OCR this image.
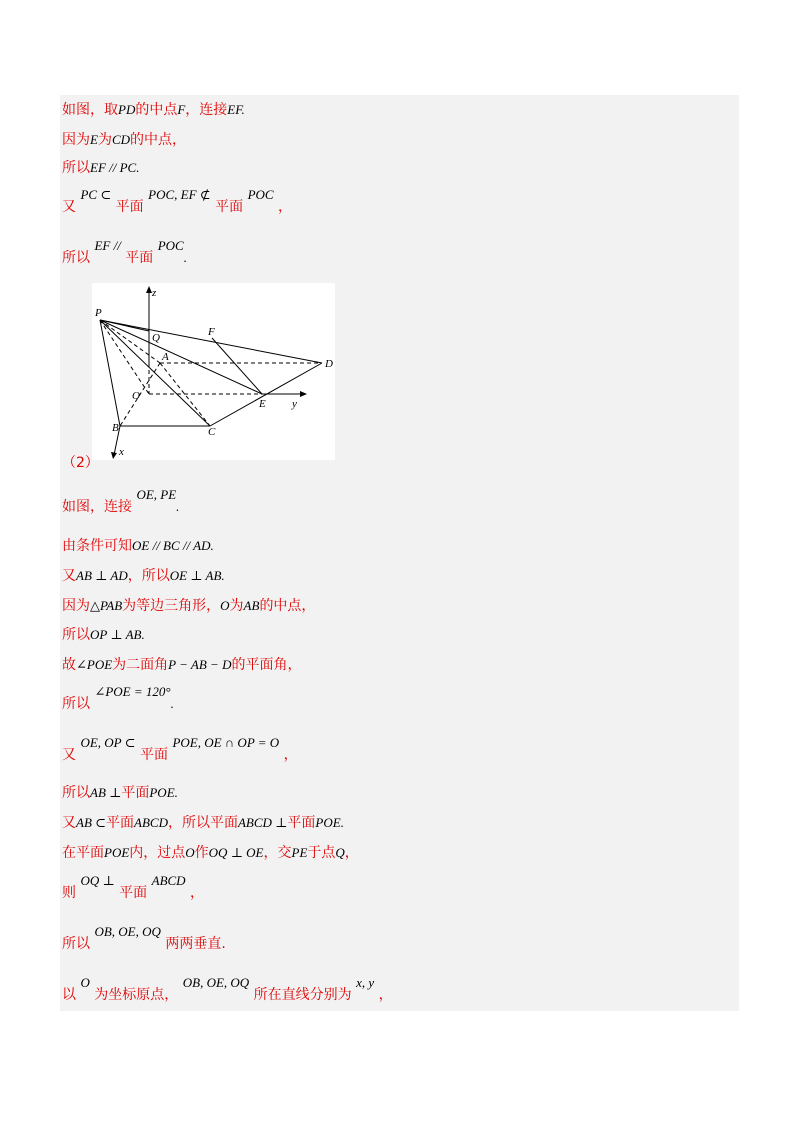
如图，取PD的中点F，连接EF.
因为E为CD的中点，
所以EF // PC.
又 PC ⊂ 平面 POC, EF ⊄ 平面 POC ，
所以 EF // 平面 POC.
P
Q	F
A
D
O
E
B	C
x
y
z
（2）
如图，连接 OE, PE.
由条件可知OE // BC // AD.
又AB ⊥ AD，所以OE ⊥ AB.
因为△PAB为等边三角形，O为AB的中点，
所以OP ⊥ AB.
故∠POE为二面角P − AB − D的平面角，
所以 ∠POE = 120°.
又 OE, OP ⊂ 平面 POE, OE ∩ OP = O ，
所以AB ⊥平面POE.
又AB ⊂平面ABCD，所以平面ABCD ⊥平面POE.
在平面POE内，过点O作OQ ⊥ OE，交PE于点Q，
则 OQ ⊥ 平面 ABCD ，
所以 OB, OE, OQ 两两垂直.
以 O 为坐标原点， OB, OE, OQ 所在直线分别为 x, y ，
